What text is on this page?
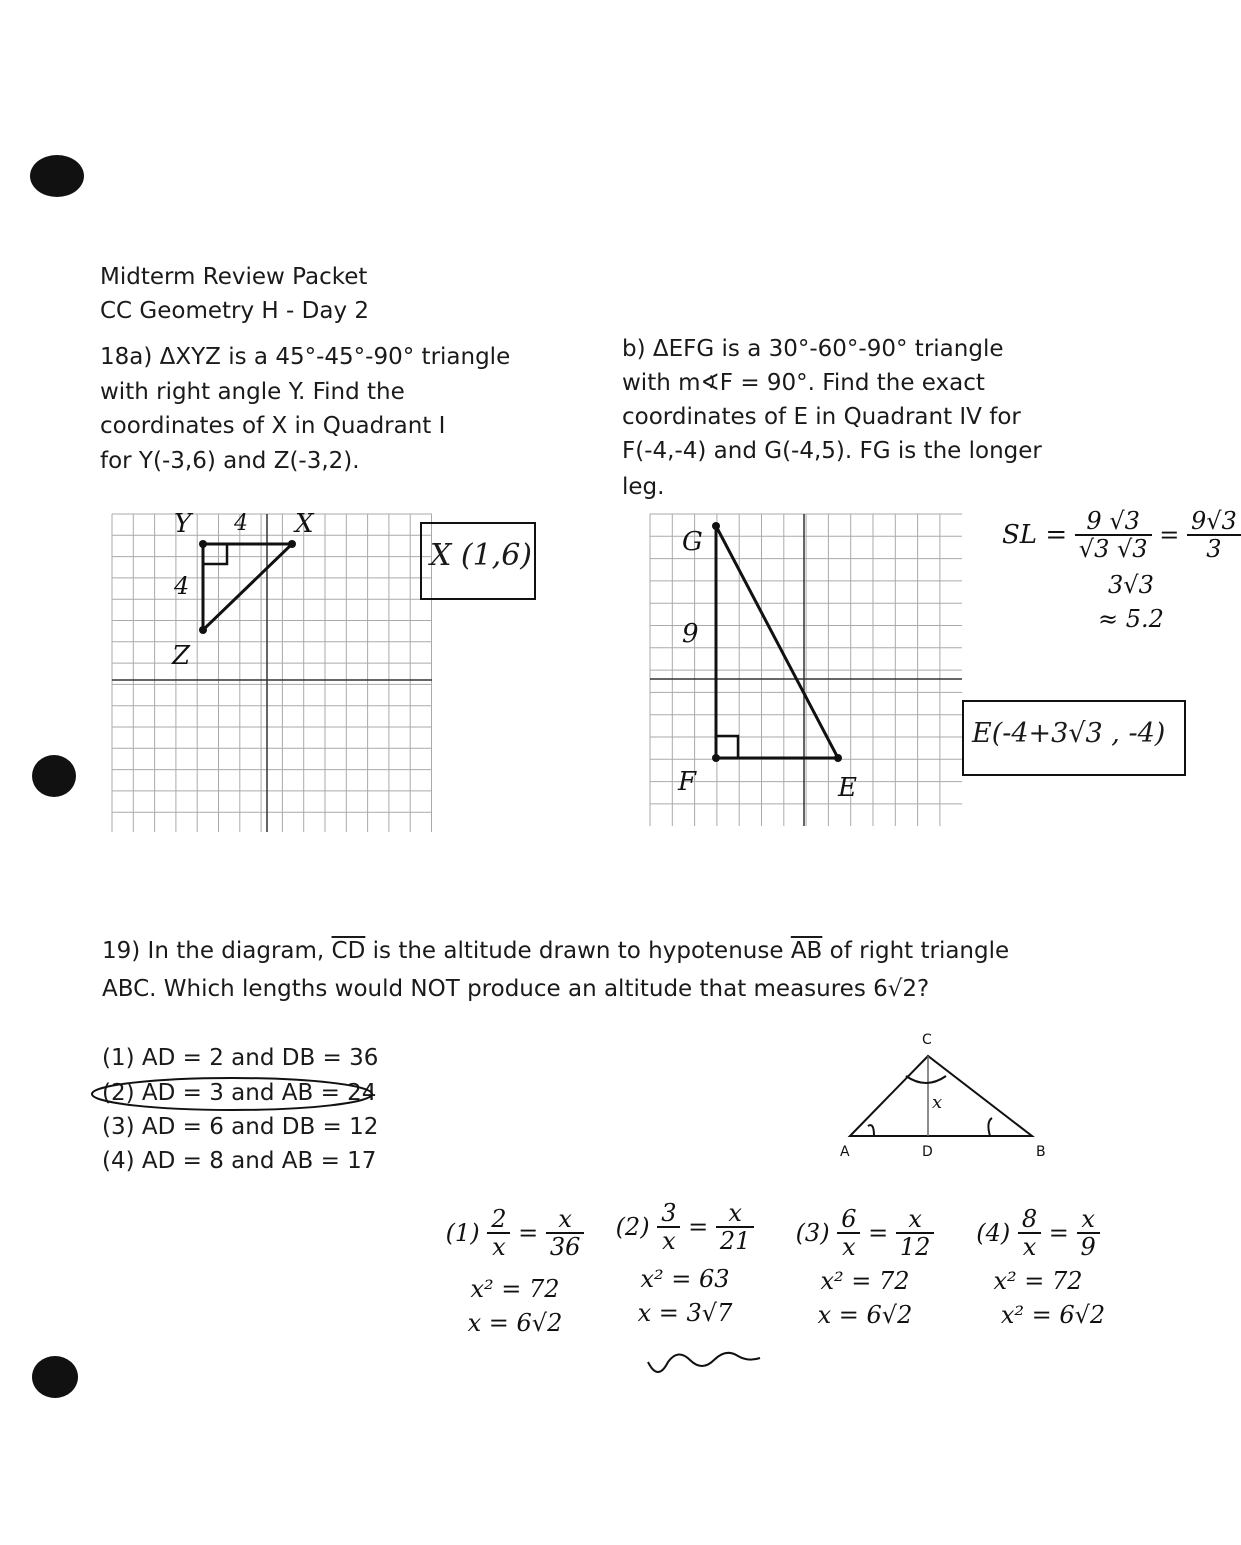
Midterm Review Packet
CC Geometry H - Day 2
18a) ΔXYZ is a 45°-45°-90° triangle
with right angle Y. Find the
coordinates of X in Quadrant I
for Y(-3,6) and Z(-3,2).
b) ΔEFG is a 30°-60°-90° triangle
with m∢F = 90°. Find the exact
coordinates of E in Quadrant IV for
F(-4,-4) and G(-4,5). FG is the longer
leg.
Y	X
Z
4
4
X (1,6)	G
F	E
9
SL = $\frac{9 √3}{√3 √3} = \frac{9√3}{3}$
3√3
≈ 5.2
E(-4+3√3 , -4)
19) In the diagram, $\overline{CD}$ is the altitude drawn to hypotenuse $\overline{AB}$ of right triangle
ABC. Which lengths would NOT produce an altitude that measures 6√2?
(1) AD = 2 and DB = 36
(2) AD = 3 and AB = 24
(3) AD = 6 and DB = 12
(4) AD = 8 and AB = 17	A	B
C
D
x
$(1) \frac{2}{x} = \frac{x}{36}$
x² = 72
x = 6√2
$(2) \frac{3}{x} = \frac{x}{21}$
x² = 63
x = 3√7
$(3) \frac{6}{x} = \frac{x}{12}$
x² = 72
x = 6√2
$(4) \frac{8}{x} = \frac{x}{9}$
x² = 72
x² = 6√2
